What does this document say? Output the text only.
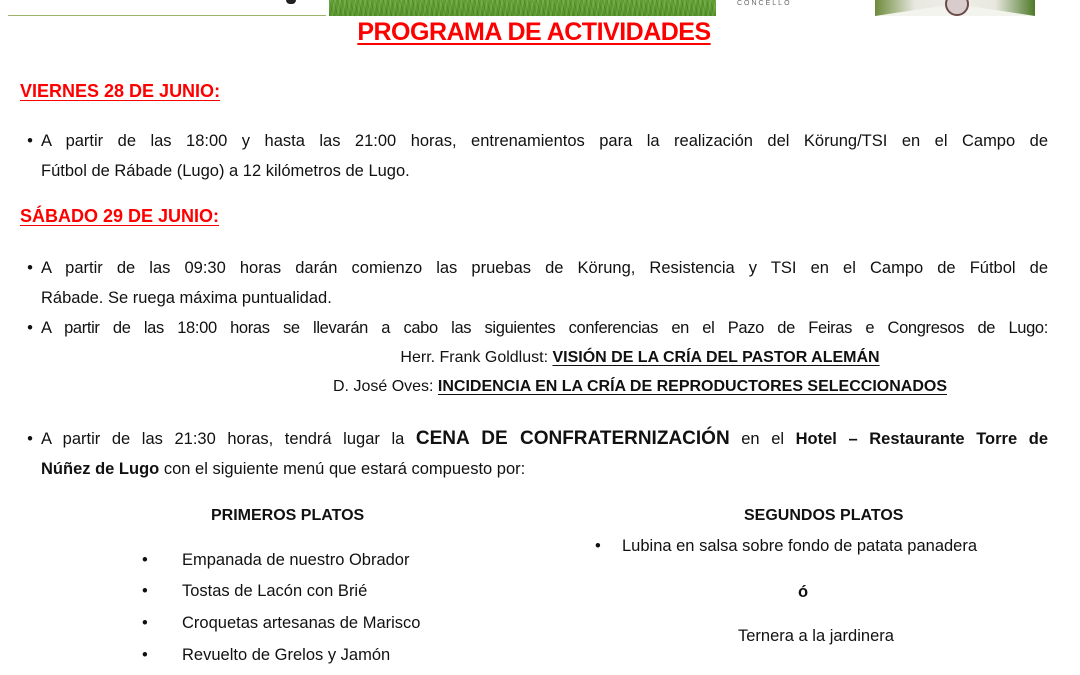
CONCELLO
PROGRAMA DE ACTIVIDADES
VIERNES 28 DE JUNIO:
• A partir de las 18:00 y hasta las 21:00 horas, entrenamientos para la realización del Körung/TSI en el Campo de
Fútbol de Rábade (Lugo) a 12 kilómetros de Lugo.
SÁBADO 29 DE JUNIO:
• A partir de las 09:30 horas darán comienzo las pruebas de Körung, Resistencia y TSI en el Campo de Fútbol de
Rábade. Se ruega máxima puntualidad.
• A partir de las 18:00 horas se llevarán a cabo las siguientes conferencias en el Pazo de Feiras e Congresos de Lugo:
Herr. Frank Goldlust: VISIÓN DE LA CRÍA DEL PASTOR ALEMÁN
D. José Oves: INCIDENCIA EN LA CRÍA DE REPRODUCTORES SELECCIONADOS
• A partir de las 21:30 horas, tendrá lugar la CENA DE CONFRATERNIZACIÓN en el Hotel – Restaurante Torre de
Núñez de Lugo con el siguiente menú que estará compuesto por:
PRIMEROS PLATOS
• Empanada de nuestro Obrador
• Tostas de Lacón con Brié
• Croquetas artesanas de Marisco
• Revuelto de Grelos y Jamón
SEGUNDOS PLATOS
• Lubina en salsa sobre fondo de patata panadera
ó
Ternera a la jardinera
